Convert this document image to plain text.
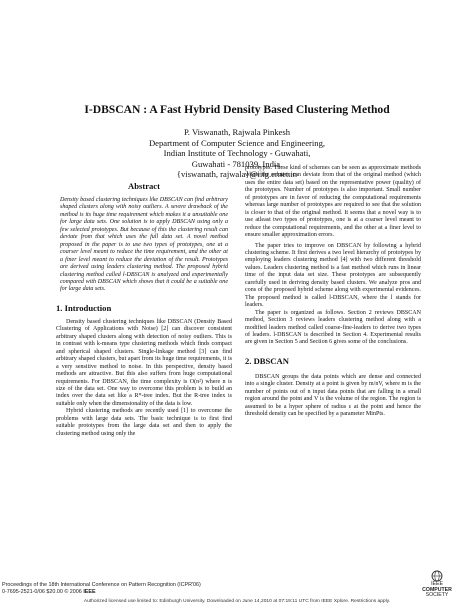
I-DBSCAN : A Fast Hybrid Density Based Clustering Method
P. Viswanath, Rajwala Pinkesh
Department of Computer Science and Engineering,
Indian Institute of Technology - Guwahati,
Guwahati - 781039, India.
{viswanath, rajwala}@iitg.ernet.in

Abstract

Density based clustering techniques like DBSCAN can find arbitrary shaped clusters along with noisy outliers. A severe drawback of the method is its huge time requirement which makes it a unsuitable one for large data sets. One solution is to apply DBSCAN using only a few selected prototypes. But because of this the clustering result can deviate from that which uses the full data set. A novel method proposed in the paper is to use two types of prototypes, one at a coarser level meant to reduce the time requirement, and the other at a finer level meant to reduce the deviation of the result. Prototypes are derived using leaders clustering method. The proposed hybrid clustering method called l-DBSCAN is analyzed and experimentally compared with DBSCAN which shows that it could be a suitable one for large data sets.

1. Introduction

Density based clustering techniques like DBSCAN (Density Based Clustering of Applications with Noise) [2] can discover consistent arbitrary shaped clusters along with detection of noisy outliers. This is in contrast with k-means type clustering methods which finds compact and spherical shaped clusters. Single-linkage method [3] can find arbitrary shaped clusters, but apart from its huge time requirements, it is a very sensitive method to noise. In this perspective, density based methods are attractive. But this also suffers from huge computational requirements. For DBSCAN, the time complexity is O(n²) where n is size of the data set. One way to overcome this problem is to build an index over the data set like a R*-tree index. But the R-tree index is suitable only when the dimensionality of the data is low.

Hybrid clustering methods are recently used [1] to overcome the problems with large data sets. The basic technique is to first find suitable prototypes from the large data set and then to apply the clustering method using only the

prototypes. These kind of schemes can be seen as approximate methods where the solution can deviate from that of the original method (which uses the entire data set) based on the representative power (quality) of the prototypes. Number of prototypes is also important. Small number of prototypes are in favor of reducing the computational requirements whereas large number of prototypes are required to see that the solution is closer to that of the original method. It seems that a novel way is to use atleast two types of prototypes, one is at a coarser level meant to reduce the computational requirements, and the other at a finer level to ensure smaller approximation errors.

The paper tries to improve on DBSCAN by following a hybrid clustering scheme. It first derives a two level hierarchy of prototypes by employing leaders clustering method [4] with two different threshold values. Leaders clustering method is a fast method which runs in linear time of the input data set size. These prototypes are subsequently carefully used in deriving density based clusters. We analyze pros and cons of the proposed hybrid scheme along with experimental evidences. The proposed method is called l-DBSCAN, where the l stands for leaders.

The paper is organized as follows. Section 2 reviews DBSCAN method, Section 3 reviews leaders clustering method along with a modified leaders method called coarse-fine-leaders to derive two types of leaders. l-DBSCAN is described in Section 4. Experimental results are given in Section 5 and Section 6 gives some of the conclusions.

2. DBSCAN

DBSCAN groups the data points which are dense and connected into a single cluster. Density at a point is given by m/nV, where m is the number of points out of n input data points that are falling in a small region around the point and V is the volume of the region. The region is assumed to be a hyper sphere of radius ε at the point and hence the threshold density can be specified by a parameter MinPts.

Proceedings of the 18th International Conference on Pattern Recognition (ICPR'06)
0-7695-2521-0/06 $20.00 © 2006 IEEE
IEEE
COMPUTER
SOCIETY
Authorized licensed use limited to: Edinburgh University. Downloaded on June 14,2010 at 07:19:11 UTC from IEEE Xplore. Restrictions apply.
